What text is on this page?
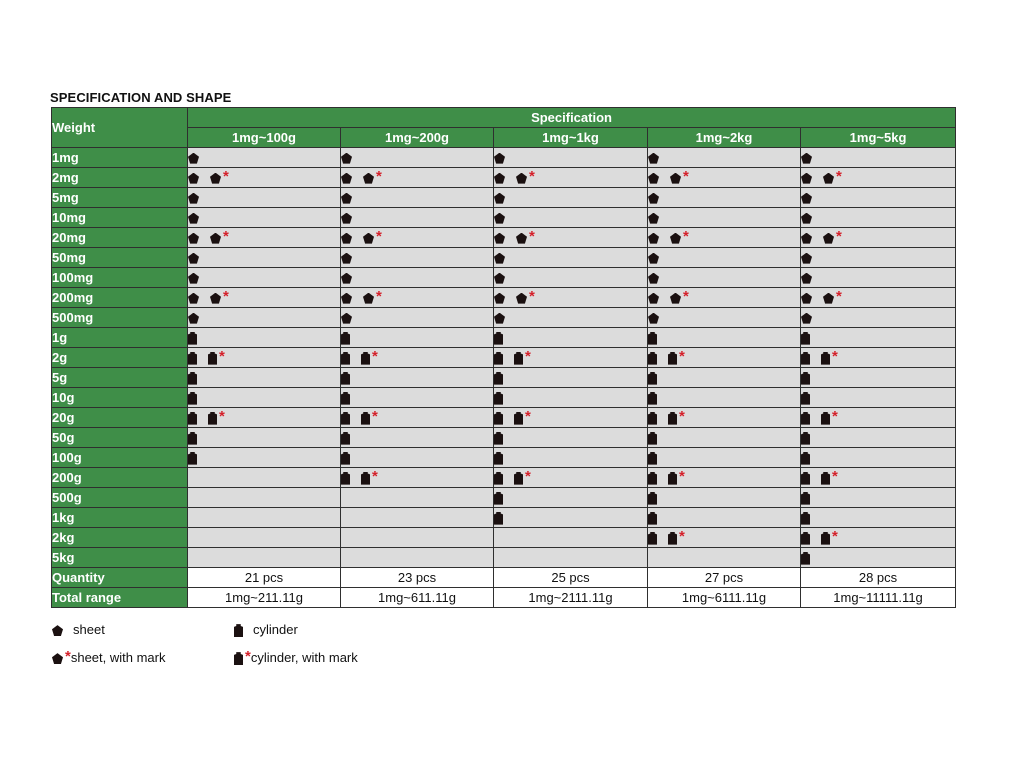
SPECIFICATION AND SHAPE
Weight	Specification				
	1mg~100g	1mg~200g	1mg~1kg	1mg~2kg	1mg~5kg
1mg	

2mg	*	*	*	*	*
5mg	

10mg	

20mg	*	*	*	*	*
50mg	

100mg	

200mg	*	*	*	*	*
500mg	

1g	

2g	*	*	*	*	*
5g	

10g	

20g	*	*	*	*	*
50g	

100g	

200g		*	*	*	*
500g			

1kg			

2kg				*	*
5kg					

Quantity	21 pcs	23 pcs	25 pcs	27 pcs	28 pcs
Total range	1mg~211.11g	1mg~611.11g	1mg~2111.11g	1mg~6111.11g	1mg~11111.11g
sheet	cylinder
*sheet, with mark	*cylinder, with mark
